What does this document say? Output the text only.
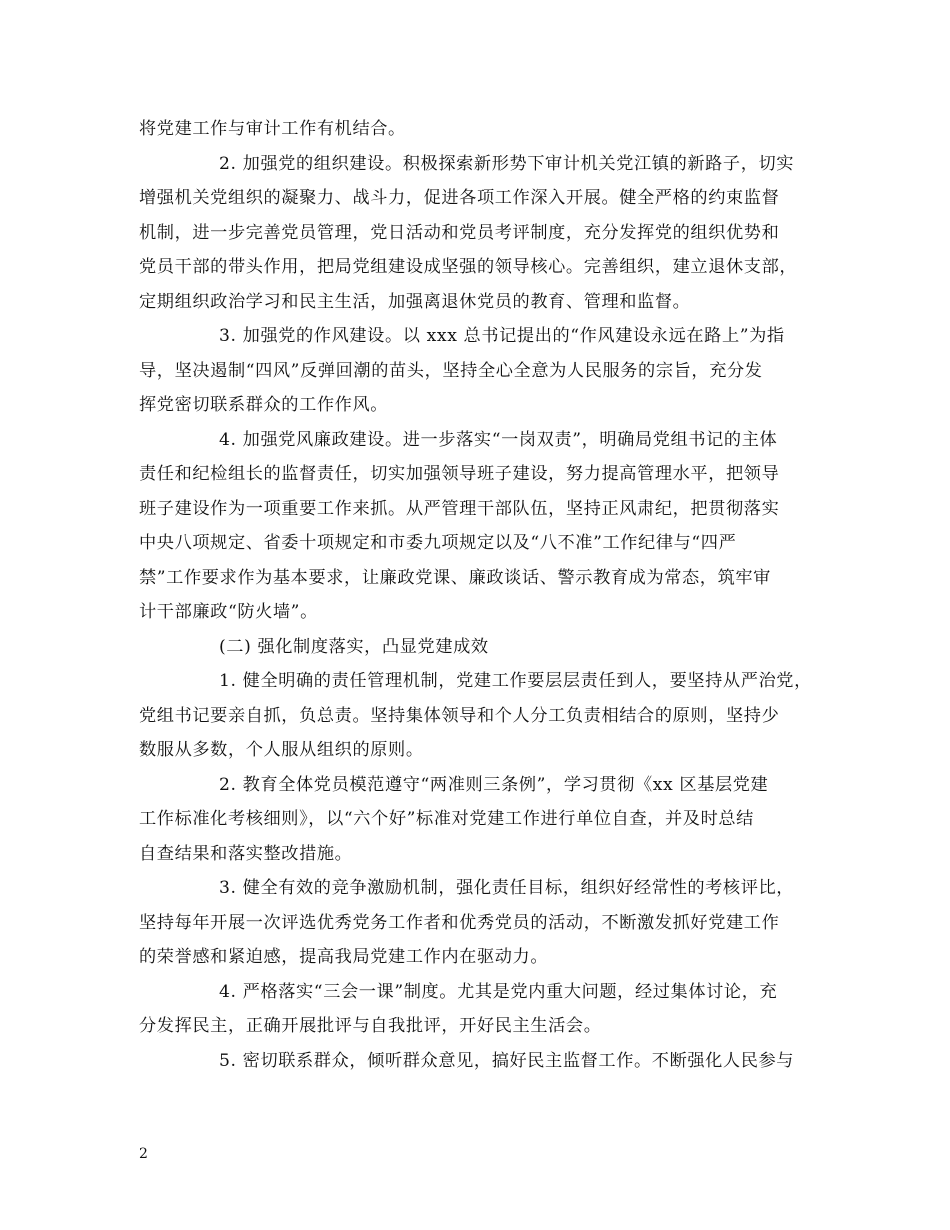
将党建工作与审计工作有机结合。
2. 加强党的组织建设。积极探索新形势下审计机关党江镇的新路子，切实
增强机关党组织的凝聚力、战斗力，促进各项工作深入开展。健全严格的约束监督
机制，进一步完善党员管理，党日活动和党员考评制度，充分发挥党的组织优势和
党员干部的带头作用，把局党组建设成坚强的领导核心。完善组织，建立退休支部，
定期组织政治学习和民主生活，加强离退休党员的教育、管理和监督。
3. 加强党的作风建设。以 xxx 总书记提出的“作风建设永远在路上”为指
导，坚决遏制“四风”反弹回潮的苗头，坚持全心全意为人民服务的宗旨，充分发
挥党密切联系群众的工作作风。
4. 加强党风廉政建设。进一步落实“一岗双责”，明确局党组书记的主体
责任和纪检组长的监督责任，切实加强领导班子建设，努力提高管理水平，把领导
班子建设作为一项重要工作来抓。从严管理干部队伍，坚持正风肃纪，把贯彻落实
中央八项规定、省委十项规定和市委九项规定以及“八不准”工作纪律与“四严
禁”工作要求作为基本要求，让廉政党课、廉政谈话、警示教育成为常态，筑牢审
计干部廉政“防火墙”。
(二) 强化制度落实，凸显党建成效
1. 健全明确的责任管理机制，党建工作要层层责任到人，要坚持从严治党，
党组书记要亲自抓，负总责。坚持集体领导和个人分工负责相结合的原则，坚持少
数服从多数，个人服从组织的原则。
2. 教育全体党员模范遵守“两准则三条例”，学习贯彻《xx 区基层党建
工作标准化考核细则》，以“六个好”标准对党建工作进行单位自查，并及时总结
自查结果和落实整改措施。
3. 健全有效的竞争激励机制，强化责任目标，组织好经常性的考核评比，
坚持每年开展一次评选优秀党务工作者和优秀党员的活动，不断激发抓好党建工作
的荣誉感和紧迫感，提高我局党建工作内在驱动力。
4. 严格落实“三会一课”制度。尤其是党内重大问题，经过集体讨论，充
分发挥民主，正确开展批评与自我批评，开好民主生活会。
5. 密切联系群众，倾听群众意见，搞好民主监督工作。不断强化人民参与
2
